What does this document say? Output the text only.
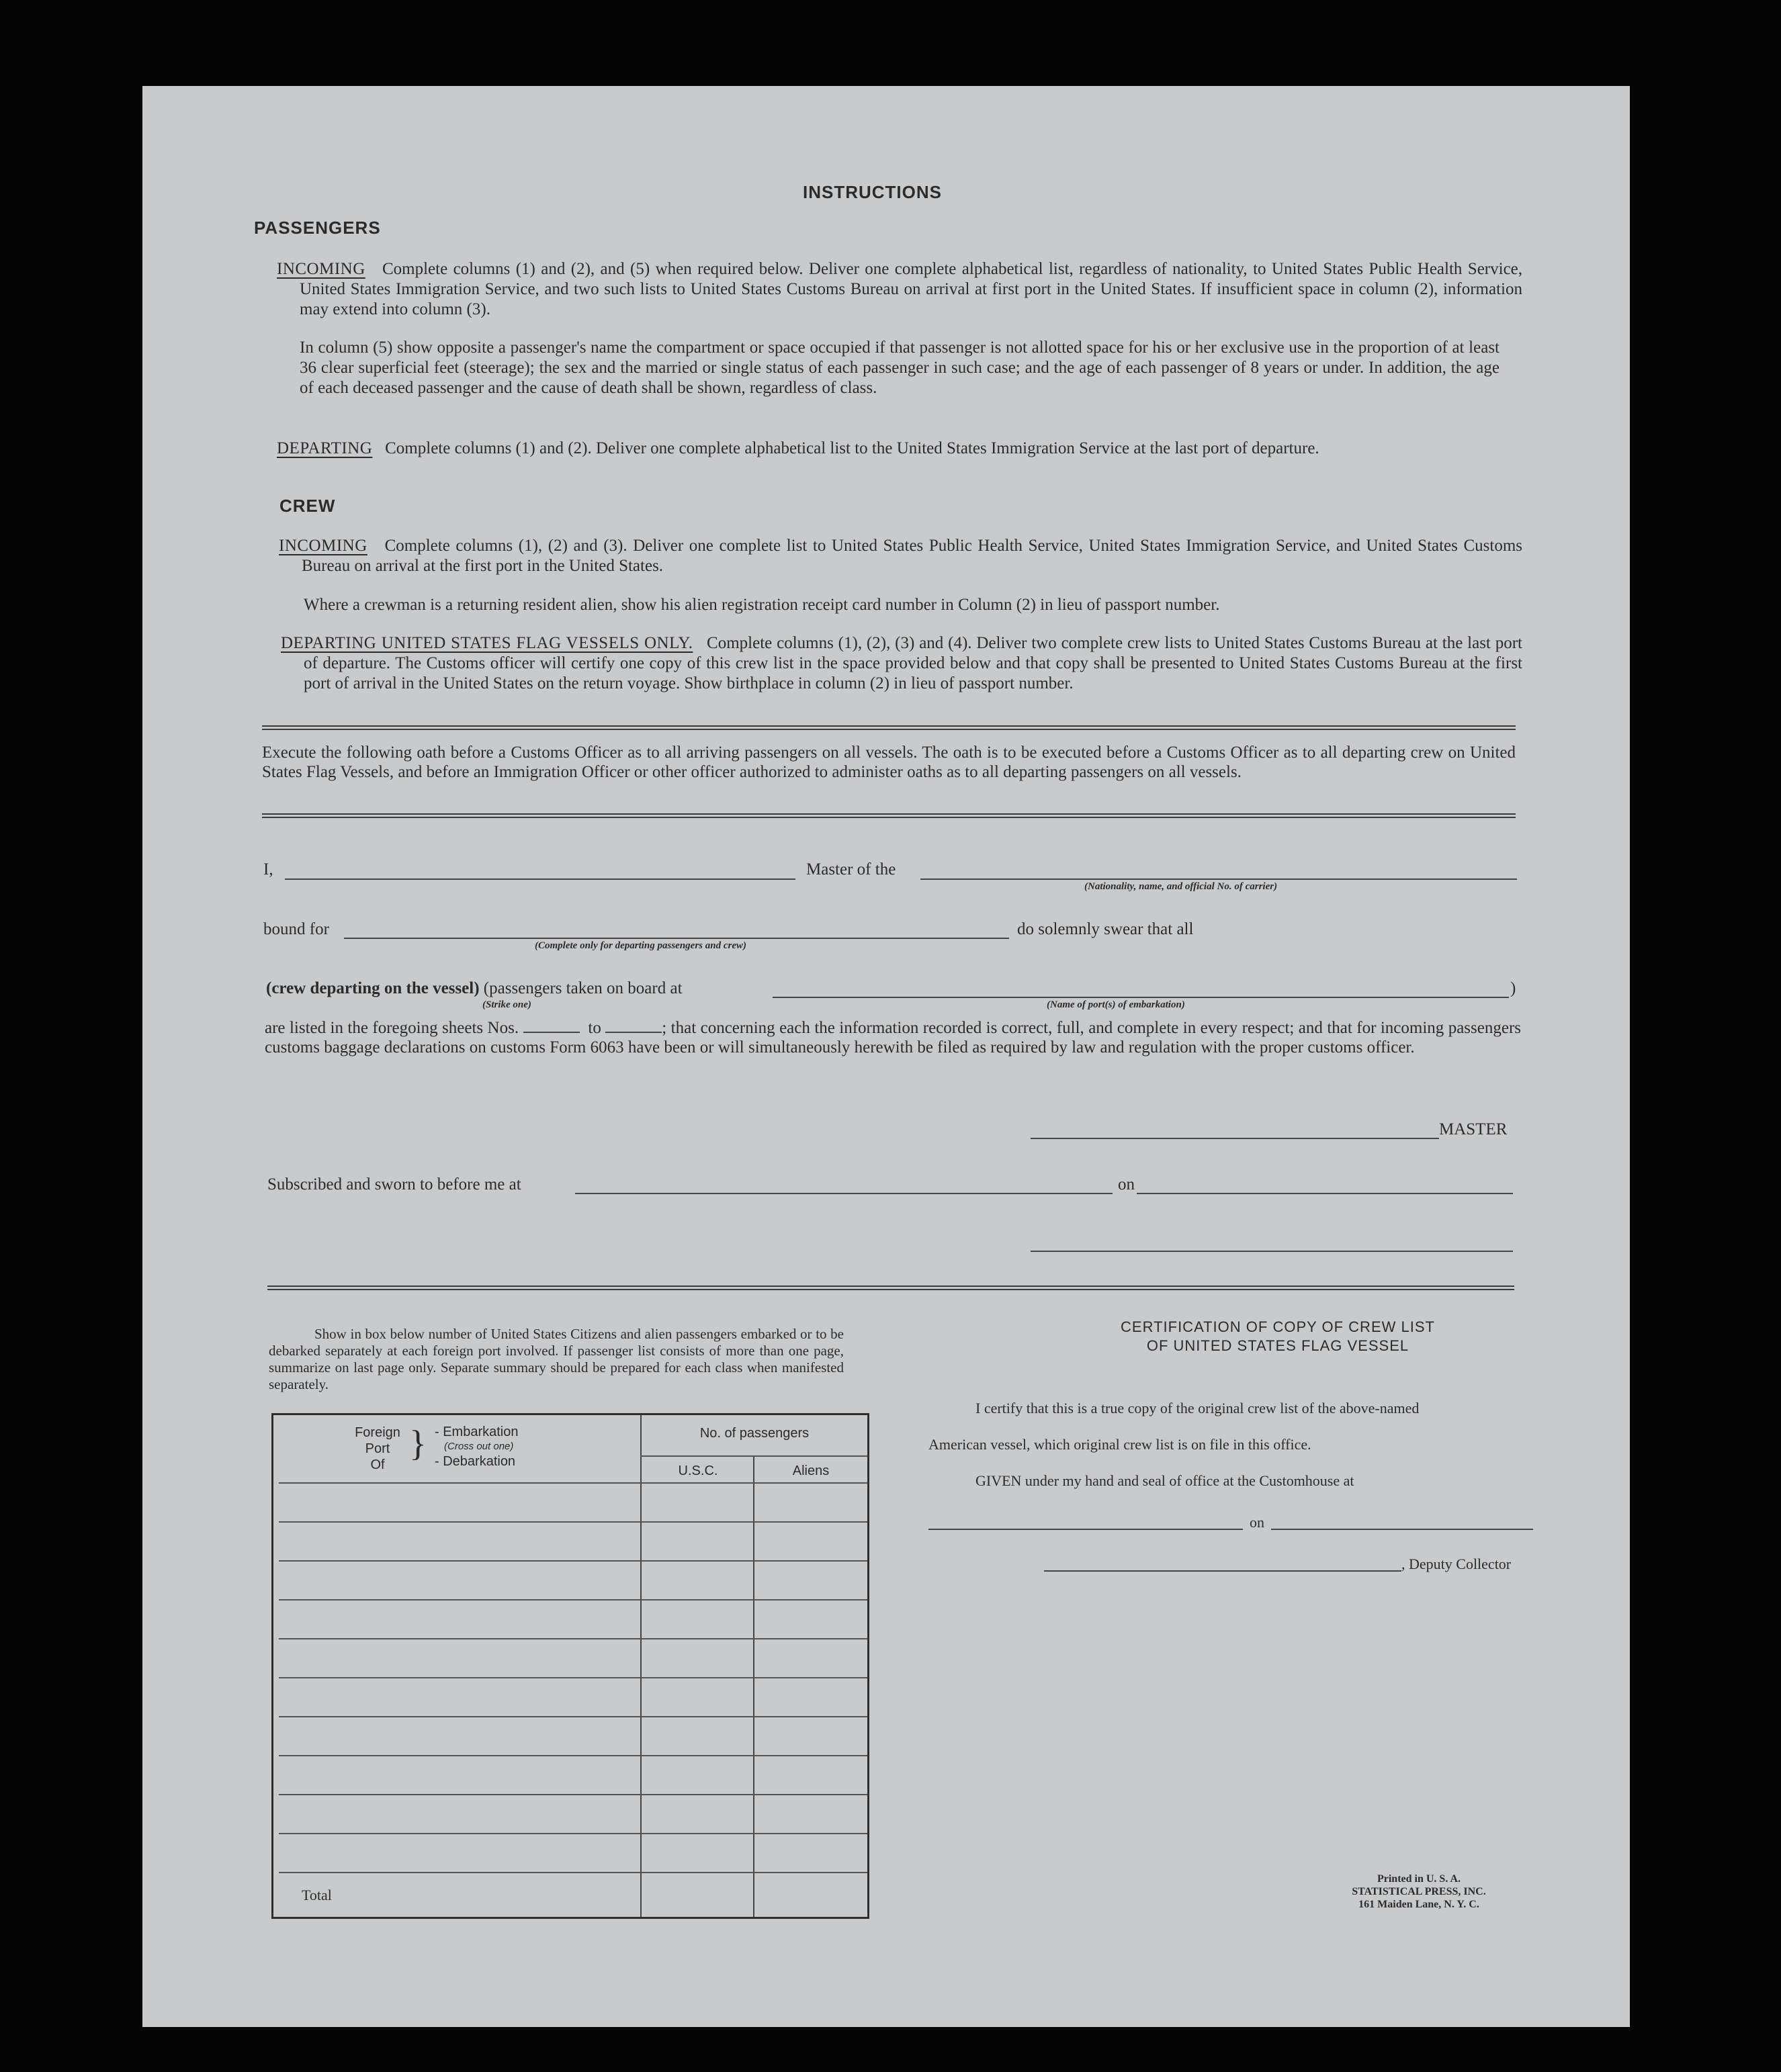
INSTRUCTIONS
PASSENGERS
INCOMING Complete columns (1) and (2), and (5) when required below. Deliver one complete alphabetical list, regardless of nationality, to United States Public Health Service, United States Immigration Service, and two such lists to United States Customs Bureau on arrival at first port in the United States. If insufficient space in column (2), information may extend into column (3).
In column (5) show opposite a passenger's name the compartment or space occupied if that passenger is not allotted space for his or her exclusive use in the proportion of at least 36 clear superficial feet (steerage); the sex and the married or single status of each passenger in such case; and the age of each passenger of 8 years or under. In addition, the age of each deceased passenger and the cause of death shall be shown, regardless of class.
DEPARTING Complete columns (1) and (2). Deliver one complete alphabetical list to the United States Immigration Service at the last port of departure.
CREW
INCOMING Complete columns (1), (2) and (3). Deliver one complete list to United States Public Health Service, United States Immigration Service, and United States Customs Bureau on arrival at the first port in the United States.
Where a crewman is a returning resident alien, show his alien registration receipt card number in Column (2) in lieu of passport number.
DEPARTING UNITED STATES FLAG VESSELS ONLY. Complete columns (1), (2), (3) and (4). Deliver two complete crew lists to United States Customs Bureau at the last port of departure. The Customs officer will certify one copy of this crew list in the space provided below and that copy shall be presented to United States Customs Bureau at the first port of arrival in the United States on the return voyage. Show birthplace in column (2) in lieu of passport number.
Execute the following oath before a Customs Officer as to all arriving passengers on all vessels. The oath is to be executed before a Customs Officer as to all departing crew on United States Flag Vessels, and before an Immigration Officer or other officer authorized to administer oaths as to all departing passengers on all vessels.
I,	Master of the
(Nationality, name, and official No. of carrier)
bound for
(Complete only for departing passengers and crew)
do solemnly swear that all
(crew departing on the vessel) (passengers taken on board at	)
(Strike one)	(Name of port(s) of embarkation)
are listed in the foregoing sheets Nos.	to	; that concerning each the information recorded is correct, full, and complete in every respect; and that for incoming passengers customs baggage declarations on customs Form 6063 have been or will simultaneously herewith be filed as required by law and regulation with the proper customs officer.
MASTER
Subscribed and sworn to before me at	on
Show in box below number of United States Citizens and alien passengers embarked or to be debarked separately at each foreign port involved. If passenger list consists of more than one page, summarize on last page only. Separate summary should be prepared for each class when manifested separately.
Foreign
Port
Of
} - Embarkation
(Cross out one)
- Debarkation
No. of passengers
U.S.C.	Aliens
Total
CERTIFICATION OF COPY OF CREW LIST
OF UNITED STATES FLAG VESSEL
I certify that this is a true copy of the original crew list of the above-named
American vessel, which original crew list is on file in this office.
GIVEN under my hand and seal of office at the Customhouse at
on
, Deputy Collector
Printed in U. S. A.
STATISTICAL PRESS, INC.
161 Maiden Lane, N. Y. C.
